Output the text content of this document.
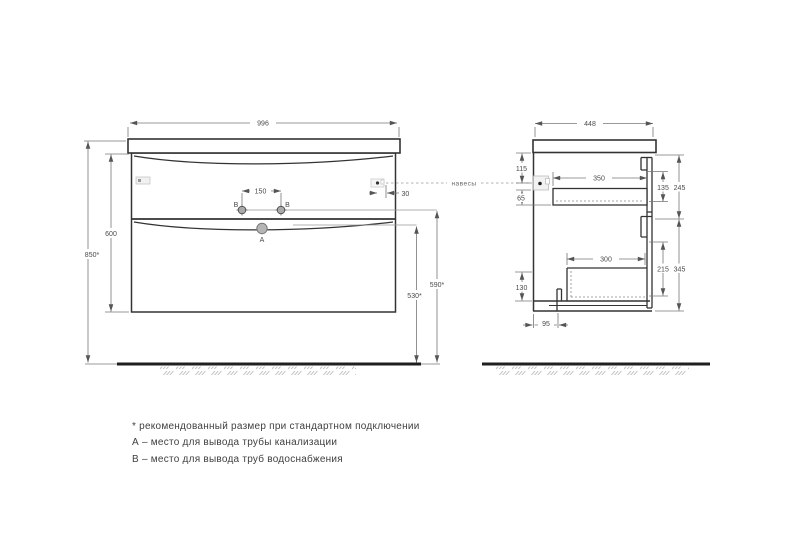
996
30
150
В	В
А
530*
590*
850*
600
навесы
448
115
65
350
135 245
215 345
300
130
95
* рекомендованный размер при стандартном подключении
А – место для вывода трубы канализации
В – место для вывода труб водоснабжения
